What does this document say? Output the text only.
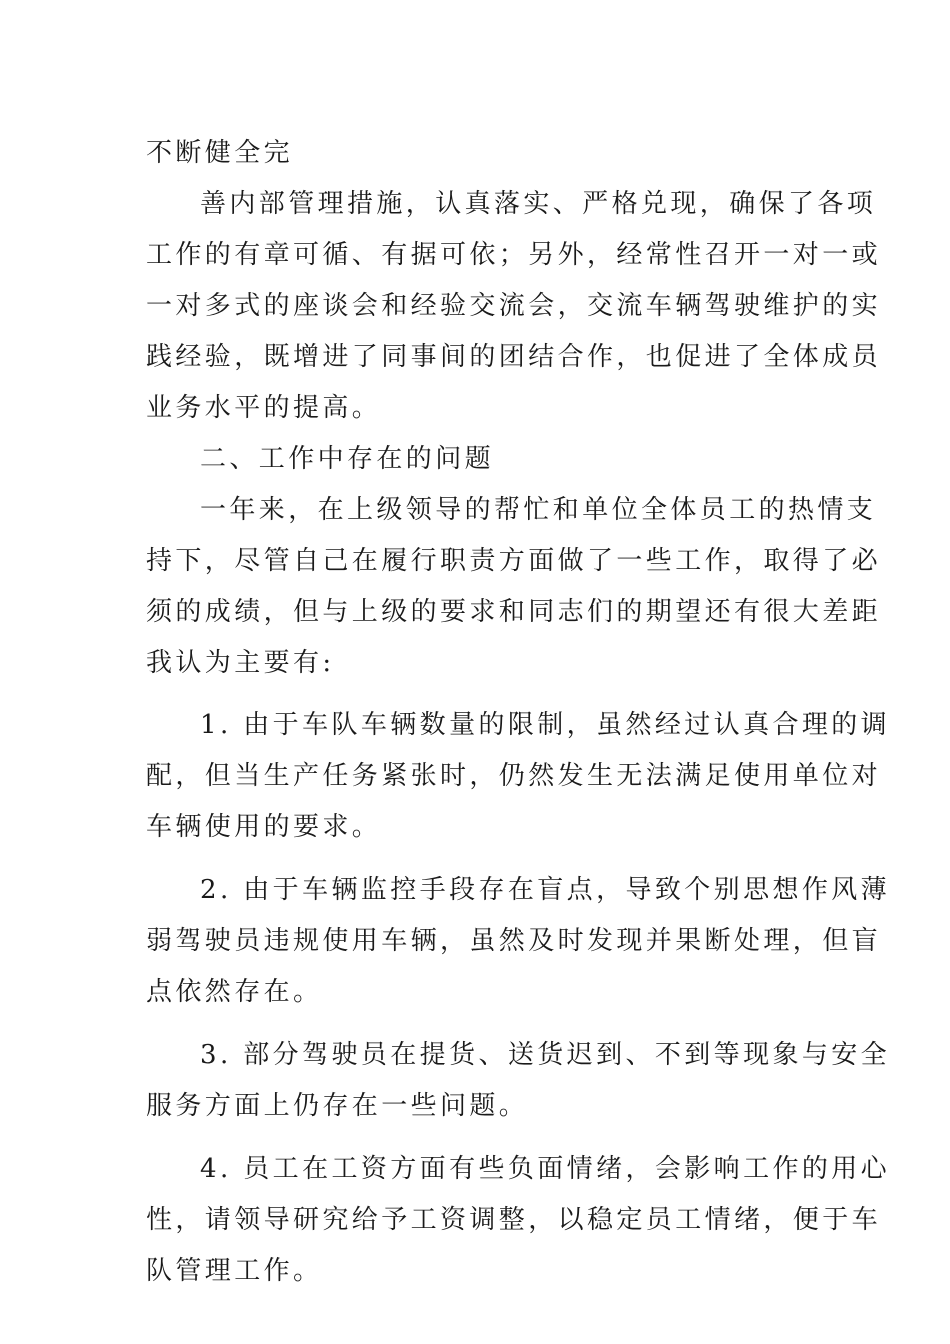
不断健全完
善内部管理措施，认真落实、严格兑现，确保了各项
工作的有章可循、有据可依；另外，经常性召开一对一或
一对多式的座谈会和经验交流会，交流车辆驾驶维护的实
践经验，既增进了同事间的团结合作，也促进了全体成员
业务水平的提高。
二、工作中存在的问题
一年来，在上级领导的帮忙和单位全体员工的热情支
持下，尽管自己在履行职责方面做了一些工作，取得了必
须的成绩，但与上级的要求和同志们的期望还有很大差距
我认为主要有:
1. 由于车队车辆数量的限制，虽然经过认真合理的调
配，但当生产任务紧张时，仍然发生无法满足使用单位对
车辆使用的要求。
2. 由于车辆监控手段存在盲点，导致个别思想作风薄
弱驾驶员违规使用车辆，虽然及时发现并果断处理，但盲
点依然存在。
3. 部分驾驶员在提货、送货迟到、不到等现象与安全
服务方面上仍存在一些问题。
4. 员工在工资方面有些负面情绪，会影响工作的用心
性，请领导研究给予工资调整，以稳定员工情绪，便于车
队管理工作。
